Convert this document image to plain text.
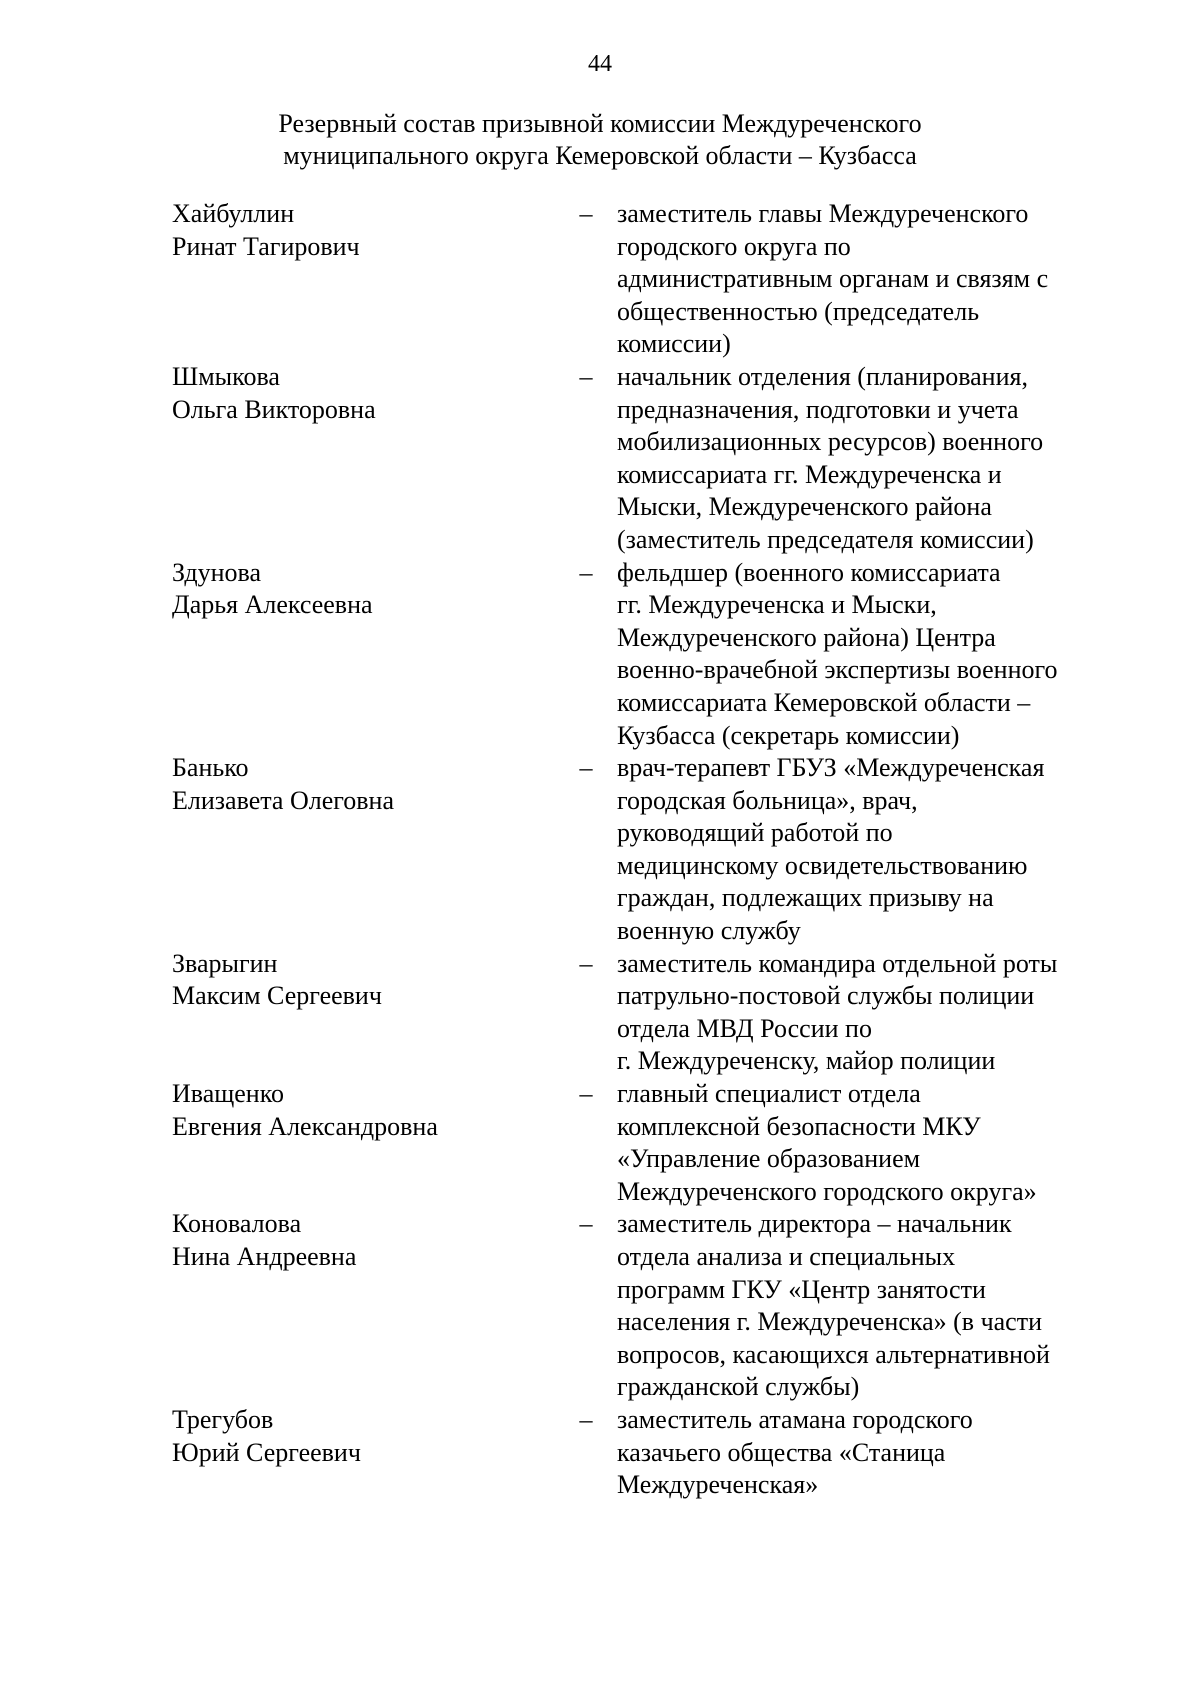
44
Резервный состав призывной комиссии Междуреченского
муниципального округа Кемеровской области – Кузбасса
Хайбуллин
Ринат Тагирович
– заместитель главы Междуреченского
городского округа по
административным органам и связям с
общественностью (председатель
комиссии)
Шмыкова
Ольга Викторовна
– начальник отделения (планирования,
предназначения, подготовки и учета
мобилизационных ресурсов) военного
комиссариата гг. Междуреченска и
Мыски, Междуреченского района
(заместитель председателя комиссии)
Здунова
Дарья Алексеевна
– фельдшер (военного комиссариата
гг. Междуреченска и Мыски,
Междуреченского района) Центра
военно-врачебной экспертизы военного
комиссариата Кемеровской области –
Кузбасса (секретарь комиссии)
Банько
Елизавета Олеговна
– врач-терапевт ГБУЗ «Междуреченская
городская больница», врач,
руководящий работой по
медицинскому освидетельствованию
граждан, подлежащих призыву на
военную службу
Зварыгин
Максим Сергеевич
– заместитель командира отдельной роты
патрульно-постовой службы полиции
отдела МВД России по
г. Междуреченску, майор полиции
Иващенко
Евгения Александровна
– главный специалист отдела
комплексной безопасности МКУ
«Управление образованием
Междуреченского городского округа»
Коновалова
Нина Андреевна
– заместитель директора – начальник
отдела анализа и специальных
программ ГКУ «Центр занятости
населения г. Междуреченска» (в части
вопросов, касающихся альтернативной
гражданской службы)
Трегубов
Юрий Сергеевич
– заместитель атамана городского
казачьего общества «Станица
Междуреченская»
